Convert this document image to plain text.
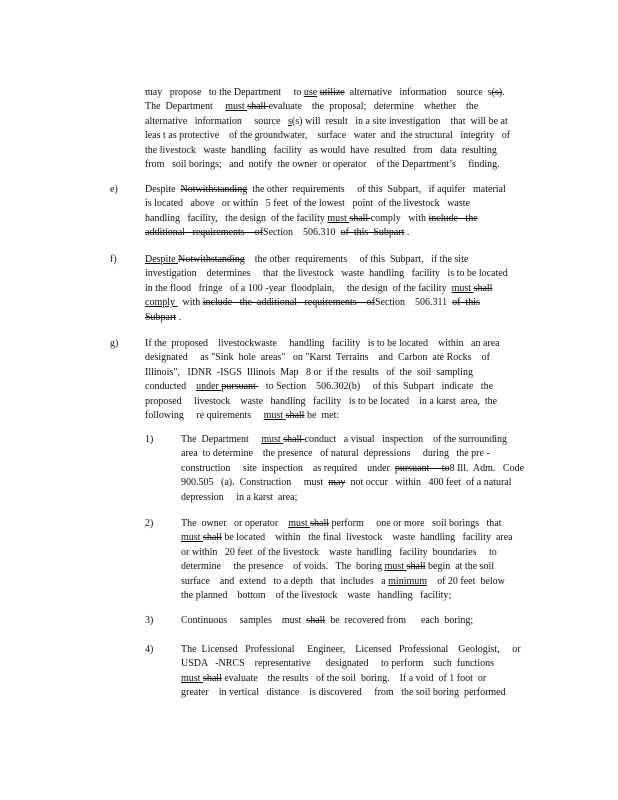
may   propose   to the Department     to use utilize  alternative   information    source  s(s).
The  Department     must shall evaluate    the  proposal;   determine    whether    the
alternative   information     source   s(s) will  result   in a site investigation    that  will be at
leas t as protective    of the groundwater,    surface   water  and  the structural   integrity   of
the livestock   waste  handling   facility   as would  have  resulted   from   data  resulting
from   soil borings;   and  notify  the owner  or operator    of the Department’s     finding.
e)	Despite  Notwithstanding  the other  requirements     of this  Subpart,   if aquifer   material
is located   above   or within   5 feet  of the lowest   point  of the livestock   waste
handling   facility,   the design  of the facility must shall comply   with include   the
additional   requirements    ofSection    506.310  of  this  Subpart .
f)	Despite Notwithstanding    the other  requirements     of this  Subpart,   if the site
investigation    determines     that  the livestock   waste  handling   facility   is to be located
in the flood   fringe   of a 100 -year  floodplain,     the design  of the facility  must shall
comply   with include   the  additional   requirements    ofSection    506.311  of  this
Subpart .
g)	If the  proposed    livestockwaste     handling   facility   is to be located    within   an area
designated     as "Sink  hole  areas"   on "Karst  Terrains    and  Carbon  ate Rocks    of
Illinois",   IDNR  -ISGS  Illinois  Map   8 or  if the  results   of  the  soil  sampling
conducted    under pursuant    to Section    506.302(b)     of this  Subpart   indicate   the
proposed     livestock    waste   handling   facility   is to be located    in a karst  area,  the
following     re quirements     must shall be  met:
1)	The  Department     must shall conduct   a visual   inspection    of the surrounding
area  to determine    the presence   of natural  depressions     during   the pre -
construction     site  inspection    as required    under  pursuant     to8 Ill.  Adm.   Code
900.505   (a).  Construction     must  may  not occur   within   400 feet  of a natural
depression     in a karst  area;
2)	The  owner   or operator    must shall perform     one or more   soil borings   that
must shall be located    within   the final  livestock    waste  handling   facility  area
or within   20 feet  of the livestock    waste  handling   facility  boundaries     to
determine     the presence    of voids.   The  boring must shall begin  at the soil
surface    and  extend   to a depth   that  includes   a minimum    of 20 feet  below
the planned    bottom    of the livestock    waste   handling   facility;
3)	Continuous     samples    must  shall  be  recovered from      each  boring;
4)	The  Licensed   Professional     Engineer,    Licensed   Professional    Geologist,     or
USDA   -NRCS    representative      designated     to perform    such  functions
must shall evaluate    the results   of the soil  boring.    If a void  of 1 foot  or
greater    in vertical   distance    is discovered     from   the soil boring  performed
